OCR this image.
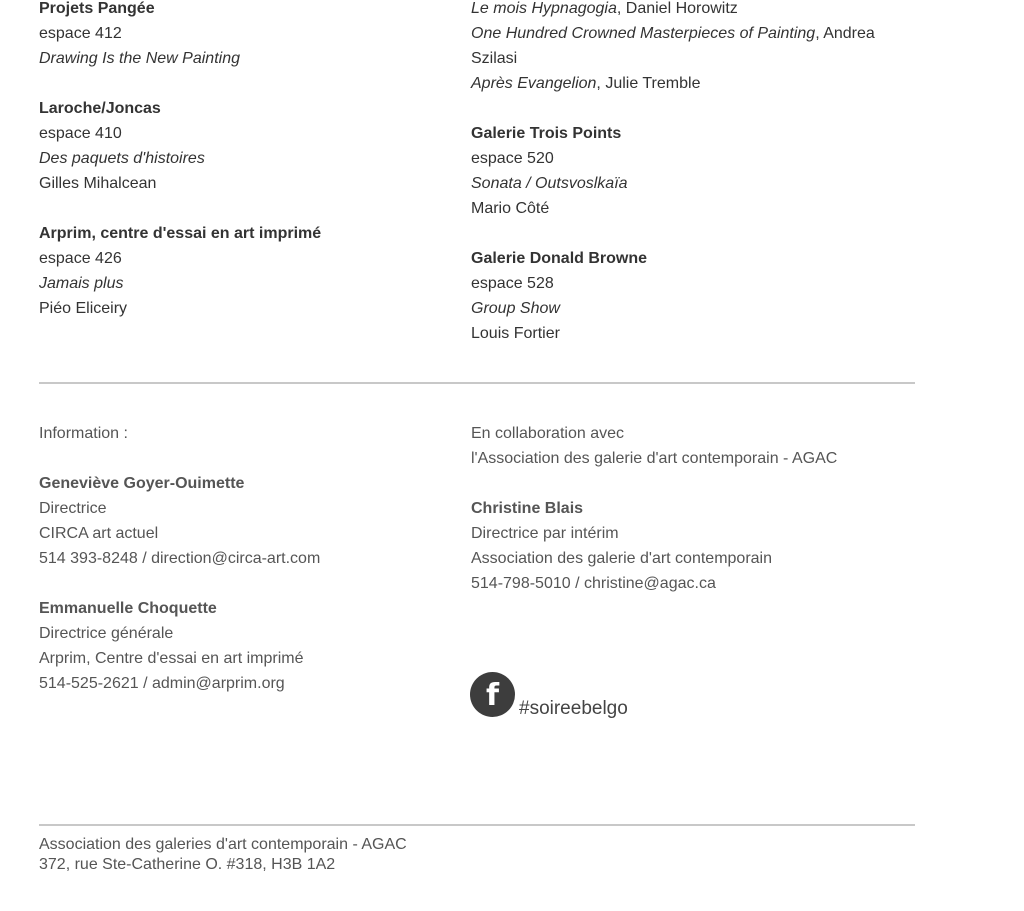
Projets Pangée
espace 412
Drawing Is the New Painting
Laroche/Joncas
espace 410
Des paquets d'histoires
Gilles Mihalcean
Arprim, centre d'essai en art imprimé
espace 426
Jamais plus
Piéo Eliceiry
Le mois Hypnagogia, Daniel Horowitz
One Hundred Crowned Masterpieces of Painting, Andrea Szilasi
Après Evangelion, Julie Tremble
Galerie Trois Points
espace 520
Sonata / Outsvoslkaïa
Mario Côté
Galerie Donald Browne
espace 528
Group Show
Louis Fortier
Information :
Geneviève Goyer-Ouimette
Directrice
CIRCA art actuel
514 393-8248 / direction@circa-art.com
Emmanuelle Choquette
Directrice générale
Arprim, Centre d'essai en art imprimé
514-525-2621 / admin@arprim.org
En collaboration avec
l'Association des galerie d'art contemporain - AGAC
Christine Blais
Directrice par intérim
Association des galerie d'art contemporain
514-798-5010 / christine@agac.ca
f	#soireebelgo
Association des galeries d'art contemporain - AGAC
372, rue Ste-Catherine O. #318, H3B 1A2
